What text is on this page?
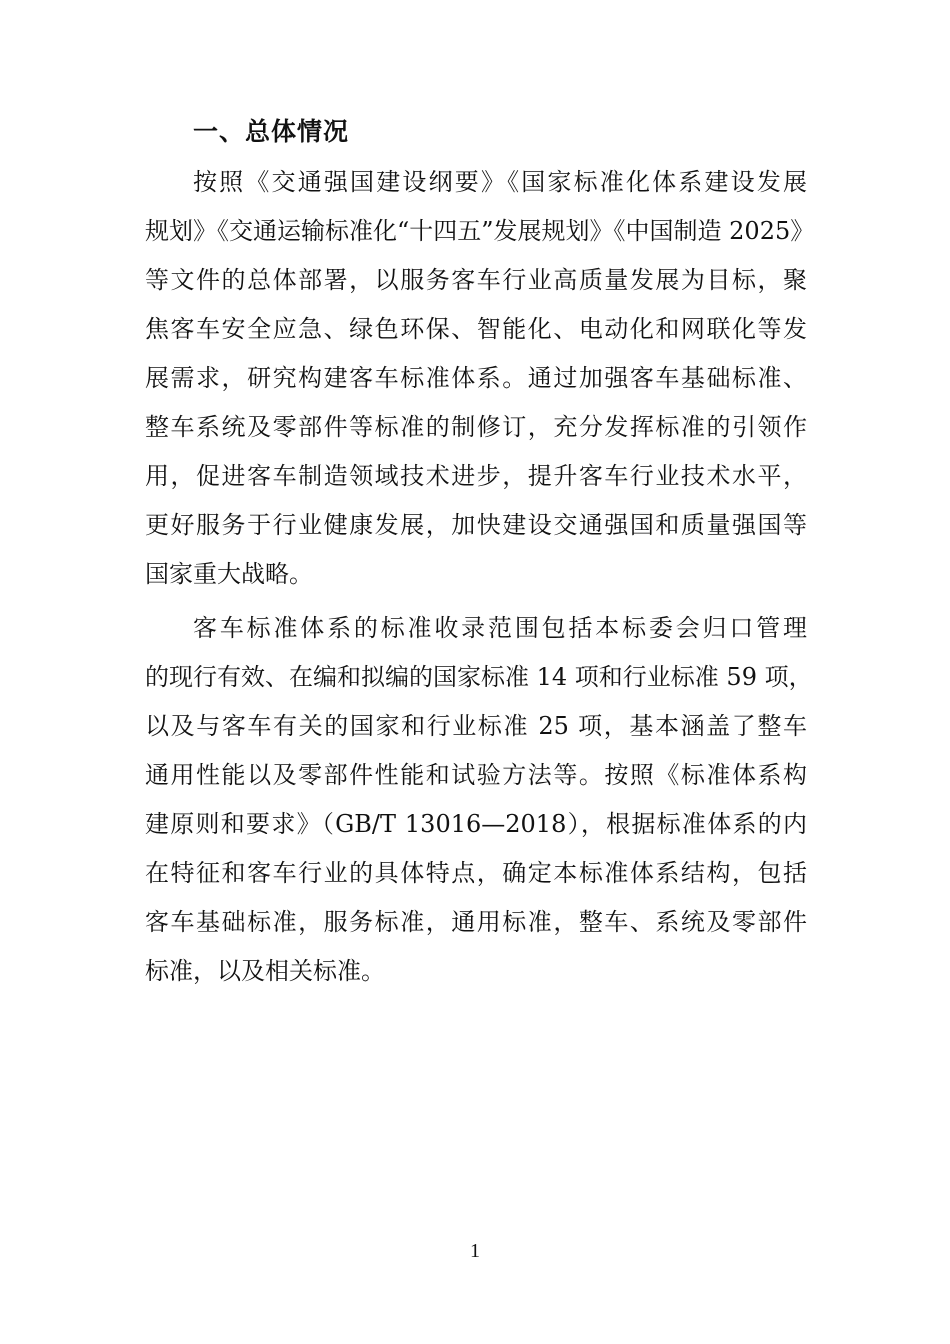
一、总体情况
按照《交通强国建设纲要》《国家标准化体系建设发展
规划》《交通运输标准化“十四五”发展规划》《中国制造 2025》
等文件的总体部署，以服务客车行业高质量发展为目标，聚
焦客车安全应急、绿色环保、智能化、电动化和网联化等发
展需求，研究构建客车标准体系。通过加强客车基础标准、
整车系统及零部件等标准的制修订，充分发挥标准的引领作
用，促进客车制造领域技术进步，提升客车行业技术水平，
更好服务于行业健康发展，加快建设交通强国和质量强国等
国家重大战略。
客车标准体系的标准收录范围包括本标委会归口管理
的现行有效、在编和拟编的国家标准 14 项和行业标准 59 项，
以及与客车有关的国家和行业标准 25 项，基本涵盖了整车
通用性能以及零部件性能和试验方法等。按照《标准体系构
建原则和要求》（GB/T 13016—2018），根据标准体系的内
在特征和客车行业的具体特点，确定本标准体系结构，包括
客车基础标准，服务标准，通用标准，整车、系统及零部件
标准，以及相关标准。
1
